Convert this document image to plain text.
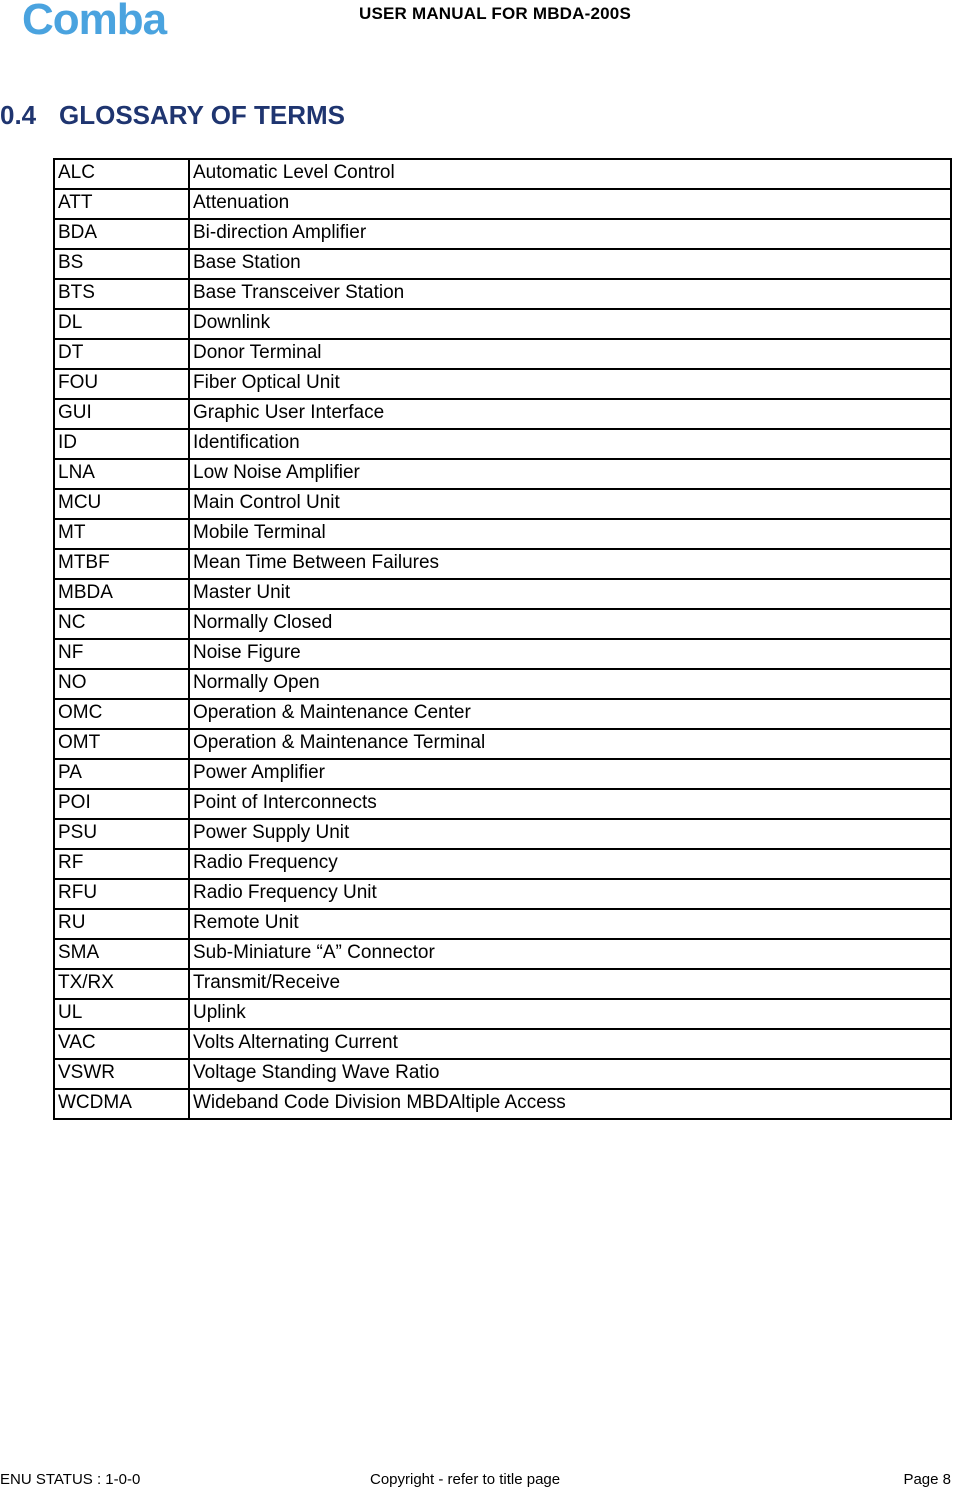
Comba	USER MANUAL FOR MBDA-200S
0.4 GLOSSARY OF TERMS
ALC	Automatic Level Control
ATT	Attenuation
BDA	Bi-direction Amplifier
BS	Base Station
BTS	Base Transceiver Station
DL	Downlink
DT	Donor Terminal
FOU	Fiber Optical Unit
GUI	Graphic User Interface
ID	Identification
LNA	Low Noise Amplifier
MCU	Main Control Unit
MT	Mobile Terminal
MTBF	Mean Time Between Failures
MBDA	Master Unit
NC	Normally Closed
NF	Noise Figure
NO	Normally Open
OMC	Operation & Maintenance Center
OMT	Operation & Maintenance Terminal
PA	Power Amplifier
POI	Point of Interconnects
PSU	Power Supply Unit
RF	Radio Frequency
RFU	Radio Frequency Unit
RU	Remote Unit
SMA	Sub-Miniature “A” Connector
TX/RX	Transmit/Receive
UL	Uplink
VAC	Volts Alternating Current
VSWR	Voltage Standing Wave Ratio
WCDMA	Wideband Code Division MBDAltiple Access
ENU STATUS : 1-0-0	Copyright - refer to title page	Page 8
